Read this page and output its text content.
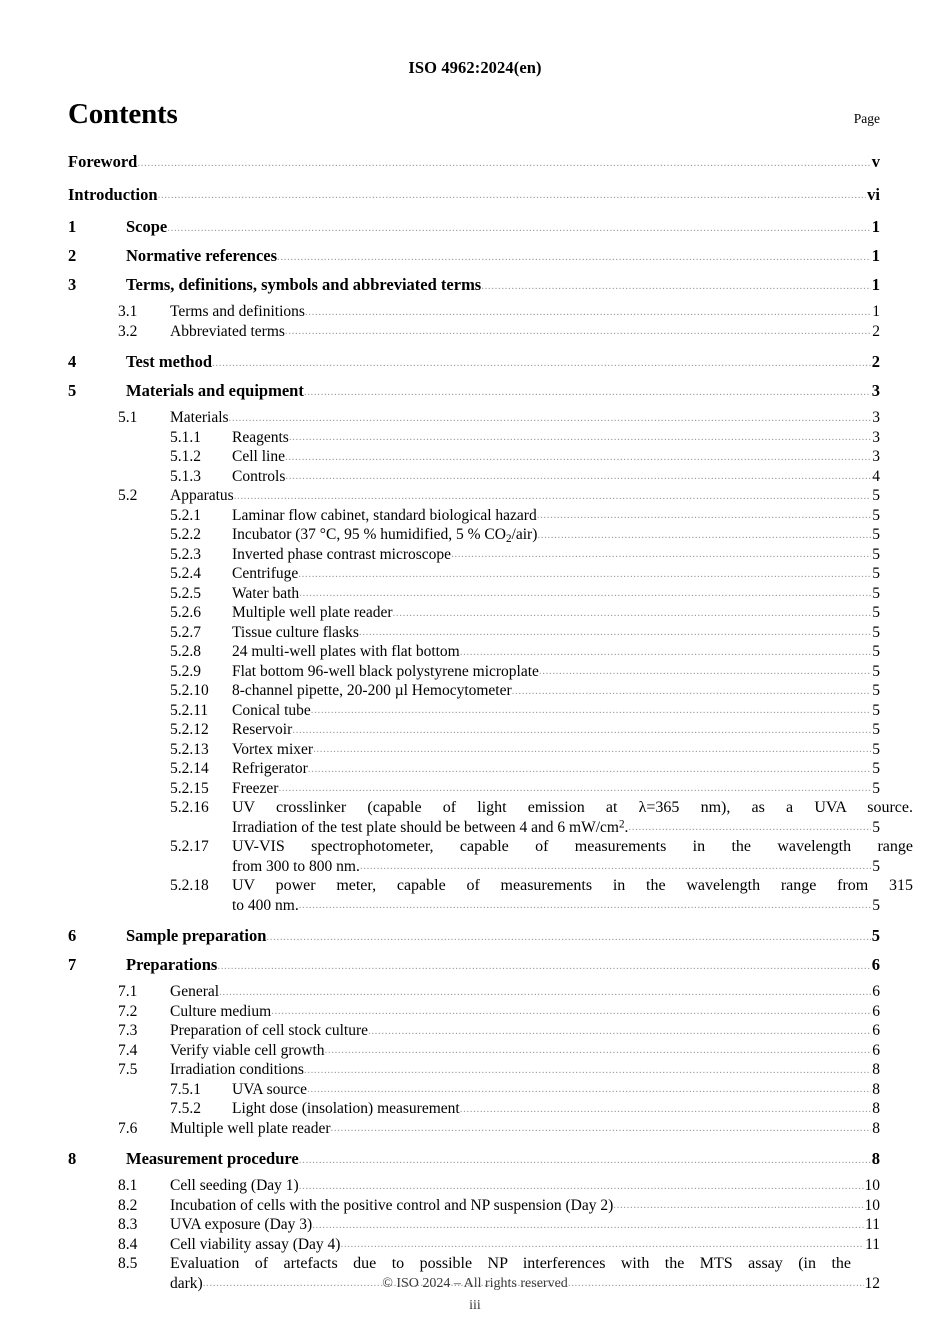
ISO 4962:2024(en)
Contents	Page
Foreword .....	v
Introduction .....	vi
1	Scope .....	1
2	Normative references .....	1
3	Terms, definitions, symbols and abbreviated terms .....	1
3.1	Terms and definitions .....	1
3.2	Abbreviated terms .....	2
4	Test method .....	2
5	Materials and equipment .....	3
5.1	Materials .....	3
5.1.1	Reagents .....	3
5.1.2	Cell line .....	3
5.1.3	Controls .....	4
5.2	Apparatus .....	5
5.2.1	Laminar flow cabinet, standard biological hazard .....	5
5.2.2	Incubator (37 °C, 95 % humidified, 5 % $CO_2/air$) .....	5
5.2.3	Inverted phase contrast microscope .....	5
5.2.4	Centrifuge .....	5
5.2.5	Water bath .....	5
5.2.6	Multiple well plate reader .....	5
5.2.7	Tissue culture flasks .....	5
5.2.8	24 multi-well plates with flat bottom .....	5
5.2.9	Flat bottom 96-well black polystyrene microplate .....	5
5.2.10	8-channel pipette, 20-200 µl Hemocytometer .....	5
5.2.11	Conical tube .....	5
5.2.12	Reservoir .....	5
5.2.13	Vortex mixer .....	5
5.2.14	Refrigerator .....	5
5.2.15	Freezer .....	5
5.2.16	UV crosslinker (capable of light emission at λ=365 nm), as a UVA source.
Irradiation of the test plate should be between 4 and 6 $mW/cm^2$. .....	5
5.2.17	UV-VIS spectrophotometer, capable of measurements in the wavelength range
from 300 to 800 nm. .....	5
5.2.18	UV power meter, capable of measurements in the wavelength range from 315
to 400 nm. .....	5
6	Sample preparation .....	5
7	Preparations .....	6
7.1	General .....	6
7.2	Culture medium .....	6
7.3	Preparation of cell stock culture .....	6
7.4	Verify viable cell growth .....	6
7.5	Irradiation conditions .....	8
7.5.1	UVA source .....	8
7.5.2	Light dose (insolation) measurement .....	8
7.6	Multiple well plate reader .....	8
8	Measurement procedure .....	8
8.1	Cell seeding (Day 1) .....	10
8.2	Incubation of cells with the positive control and NP suspension (Day 2) .....	10
8.3	UVA exposure (Day 3) .....	11
8.4	Cell viability assay (Day 4) .....	11
8.5	Evaluation of artefacts due to possible NP interferences with the MTS assay (in the
dark) .....	12
© ISO 2024 – All rights reserved
iii
